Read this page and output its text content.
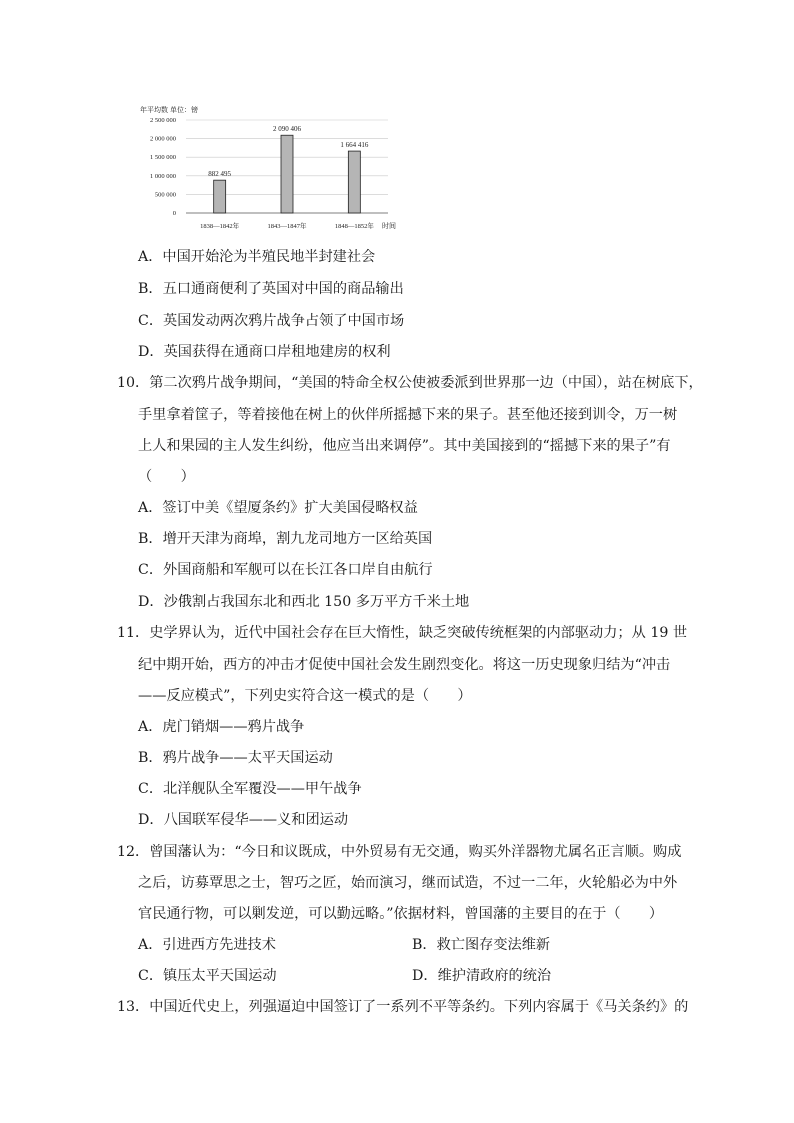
年平均数 单位：镑
0
500 000
1 000 000
1 500 000
2 000 000
2 500 000
882 495
2 090 406
1 664 416
1838—1842年	1843—1847年	1848—1852年 时间
A．中国开始沦为半殖民地半封建社会
B．五口通商便利了英国对中国的商品输出
C．英国发动两次鸦片战争占领了中国市场
D．英国获得在通商口岸租地建房的权利
10．第二次鸦片战争期间，“美国的特命全权公使被委派到世界那一边（中国），站在树底下，
手里拿着筐子，等着接他在树上的伙伴所摇撼下来的果子。甚至他还接到训令，万一树
上人和果园的主人发生纠纷，他应当出来调停”。其中美国接到的“摇撼下来的果子”有
（　　）
A．签订中美《望厦条约》扩大美国侵略权益
B．增开天津为商埠，割九龙司地方一区给英国
C．外国商船和军舰可以在长江各口岸自由航行
D．沙俄割占我国东北和西北 150 多万平方千米土地
11．史学界认为，近代中国社会存在巨大惰性，缺乏突破传统框架的内部驱动力；从 19 世
纪中期开始，西方的冲击才促使中国社会发生剧烈变化。将这一历史现象归结为“冲击
——反应模式”，下列史实符合这一模式的是（　　）
A．虎门销烟——鸦片战争
B．鸦片战争——太平天国运动
C．北洋舰队全军覆没——甲午战争
D．八国联军侵华——义和团运动
12．曾国藩认为：“今日和议既成，中外贸易有无交通，购买外洋器物尤属名正言顺。购成
之后，访募覃思之士，智巧之匠，始而演习，继而试造，不过一二年，火轮船必为中外
官民通行物，可以剿发逆，可以勤远略。”依据材料，曾国藩的主要目的在于（　　）
A．引进西方先进技术	B．救亡图存变法维新
C．镇压太平天国运动	D．维护清政府的统治
13．中国近代史上，列强逼迫中国签订了一系列不平等条约。下列内容属于《马关条约》的
